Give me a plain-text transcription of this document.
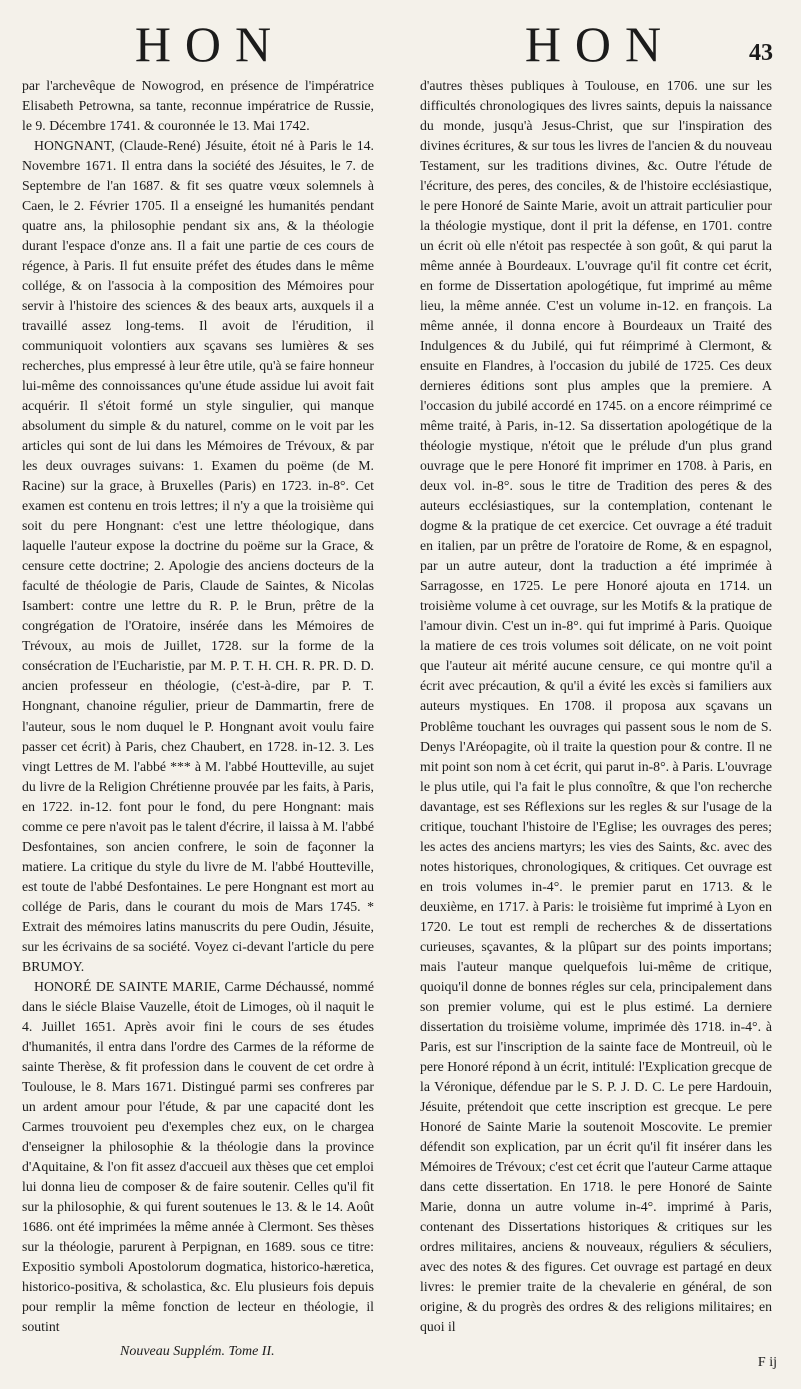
HON	HON	43

par l'archevêque de Nowogrod, en présence de l'impératrice Elisabeth Petrowna, sa tante, reconnue impératrice de Russie, le 9. Décembre 1741. & couronnée le 13. Mai 1742.

HONGNANT, (Claude-René) Jésuite, étoit né à Paris le 14. Novembre 1671. Il entra dans la société des Jésuites, le 7. de Septembre de l'an 1687. & fit ses quatre vœux solemnels à Caen, le 2. Février 1705. Il a enseigné les humanités pendant quatre ans, la philosophie pendant six ans, & la théologie durant l'espace d'onze ans. Il a fait une partie de ces cours de régence, à Paris. Il fut ensuite préfet des études dans le même collége, & on l'associa à la composition des Mémoires pour servir à l'histoire des sciences & des beaux arts, auxquels il a travaillé assez long-tems. Il avoit de l'érudition, il communiquoit volontiers aux sçavans ses lumières & ses recherches, plus empressé à leur être utile, qu'à se faire honneur lui-même des connoissances qu'une étude assidue lui avoit fait acquérir. Il s'étoit formé un style singulier, qui manque absolument du simple & du naturel, comme on le voit par les articles qui sont de lui dans les Mémoires de Trévoux, & par les deux ouvrages suivans: 1. Examen du poëme (de M. Racine) sur la grace, à Bruxelles (Paris) en 1723. in-8°. Cet examen est contenu en trois lettres; il n'y a que la troisième qui soit du pere Hongnant: c'est une lettre théologique, dans laquelle l'auteur expose la doctrine du poëme sur la Grace, & censure cette doctrine; 2. Apologie des anciens docteurs de la faculté de théologie de Paris, Claude de Saintes, & Nicolas Isambert: contre une lettre du R. P. le Brun, prêtre de la congrégation de l'Oratoire, insérée dans les Mémoires de Trévoux, au mois de Juillet, 1728. sur la forme de la consécration de l'Eucharistie, par M. P. T. H. CH. R. PR. D. D. ancien professeur en théologie, (c'est-à-dire, par P. T. Hongnant, chanoine régulier, prieur de Dammartin, frere de l'auteur, sous le nom duquel le P. Hongnant avoit voulu faire passer cet écrit) à Paris, chez Chaubert, en 1728. in-12. 3. Les vingt Lettres de M. l'abbé *** à M. l'abbé Houtteville, au sujet du livre de la Religion Chrétienne prouvée par les faits, à Paris, en 1722. in-12. font pour le fond, du pere Hongnant: mais comme ce pere n'avoit pas le talent d'écrire, il laissa à M. l'abbé Desfontaines, son ancien confrere, le soin de façonner la matiere. La critique du style du livre de M. l'abbé Houtteville, est toute de l'abbé Desfontaines. Le pere Hongnant est mort au collége de Paris, dans le courant du mois de Mars 1745. * Extrait des mémoires latins manuscrits du pere Oudin, Jésuite, sur les écrivains de sa société. Voyez ci-devant l'article du pere BRUMOY.

HONORÉ DE SAINTE MARIE, Carme Déchaussé, nommé dans le siécle Blaise Vauzelle, étoit de Limoges, où il naquit le 4. Juillet 1651. Après avoir fini le cours de ses études d'humanités, il entra dans l'ordre des Carmes de la réforme de sainte Therèse, & fit profession dans le couvent de cet ordre à Toulouse, le 8. Mars 1671. Distingué parmi ses confreres par un ardent amour pour l'étude, & par une capacité dont les Carmes trouvoient peu d'exemples chez eux, on le chargea d'enseigner la philosophie & la théologie dans la province d'Aquitaine, & l'on fit assez d'accueil aux thèses que cet emploi lui donna lieu de composer & de faire soutenir. Celles qu'il fit sur la philosophie, & qui furent soutenues le 13. & le 14. Août 1686. ont été imprimées la même année à Clermont. Ses thèses sur la théologie, parurent à Perpignan, en 1689. sous ce titre: Expositio symboli Apostolorum dogmatica, historico-hæretica, historico-positiva, & scholastica, &c. Elu plusieurs fois depuis pour remplir la même fonction de lecteur en théologie, il soutint

d'autres thèses publiques à Toulouse, en 1706. une sur les difficultés chronologiques des livres saints, depuis la naissance du monde, jusqu'à Jesus-Christ, que sur l'inspiration des divines écritures, & sur tous les livres de l'ancien & du nouveau Testament, sur les traditions divines, &c. Outre l'étude de l'écriture, des peres, des conciles, & de l'histoire ecclésiastique, le pere Honoré de Sainte Marie, avoit un attrait particulier pour la théologie mystique, dont il prit la défense, en 1701. contre un écrit où elle n'étoit pas respectée à son goût, & qui parut la même année à Bourdeaux. L'ouvrage qu'il fit contre cet écrit, en forme de Dissertation apologétique, fut imprimé au même lieu, la même année. C'est un volume in-12. en françois. La même année, il donna encore à Bourdeaux un Traité des Indulgences & du Jubilé, qui fut réimprimé à Clermont, & ensuite en Flandres, à l'occasion du jubilé de 1725. Ces deux dernieres éditions sont plus amples que la premiere. A l'occasion du jubilé accordé en 1745. on a encore réimprimé ce même traité, à Paris, in-12. Sa dissertation apologétique de la théologie mystique, n'étoit que le prélude d'un plus grand ouvrage que le pere Honoré fit imprimer en 1708. à Paris, en deux vol. in-8°. sous le titre de Tradition des peres & des auteurs ecclésiastiques, sur la contemplation, contenant le dogme & la pratique de cet exercice. Cet ouvrage a été traduit en italien, par un prêtre de l'oratoire de Rome, & en espagnol, par un autre auteur, dont la traduction a été imprimée à Sarragosse, en 1725. Le pere Honoré ajouta en 1714. un troisième volume à cet ouvrage, sur les Motifs & la pratique de l'amour divin. C'est un in-8°. qui fut imprimé à Paris. Quoique la matiere de ces trois volumes soit délicate, on ne voit point que l'auteur ait mérité aucune censure, ce qui montre qu'il a écrit avec précaution, & qu'il a évité les excès si familiers aux auteurs mystiques. En 1708. il proposa aux sçavans un Problême touchant les ouvrages qui passent sous le nom de S. Denys l'Aréopagite, où il traite la question pour & contre. Il ne mit point son nom à cet écrit, qui parut in-8°. à Paris. L'ouvrage le plus utile, qui l'a fait le plus connoître, & que l'on recherche davantage, est ses Réflexions sur les regles & sur l'usage de la critique, touchant l'histoire de l'Eglise; les ouvrages des peres; les actes des anciens martyrs; les vies des Saints, &c. avec des notes historiques, chronologiques, & critiques. Cet ouvrage est en trois volumes in-4°. le premier parut en 1713. & le deuxième, en 1717. à Paris: le troisième fut imprimé à Lyon en 1720. Le tout est rempli de recherches & de dissertations curieuses, sçavantes, & la plûpart sur des points importans; mais l'auteur manque quelquefois lui-même de critique, quoiqu'il donne de bonnes régles sur cela, principalement dans son premier volume, qui est le plus estimé. La derniere dissertation du troisième volume, imprimée dès 1718. in-4°. à Paris, est sur l'inscription de la sainte face de Montreuil, où le pere Honoré répond à un écrit, intitulé: l'Explication grecque de la Véronique, défendue par le S. P. J. D. C. Le pere Hardouin, Jésuite, prétendoit que cette inscription est grecque. Le pere Honoré de Sainte Marie la soutenoit Moscovite. Le premier défendit son explication, par un écrit qu'il fit insérer dans les Mémoires de Trévoux; c'est cet écrit que l'auteur Carme attaque dans cette dissertation. En 1718. le pere Honoré de Sainte Marie, donna un autre volume in-4°. imprimé à Paris, contenant des Dissertations historiques & critiques sur les ordres militaires, anciens & nouveaux, réguliers & séculiers, avec des notes & des figures. Cet ouvrage est partagé en deux livres: le premier traite de la chevalerie en général, de son origine, & du progrès des ordres & des religions militaires; en quoi il

Nouveau Supplém. Tome II.
F ij
